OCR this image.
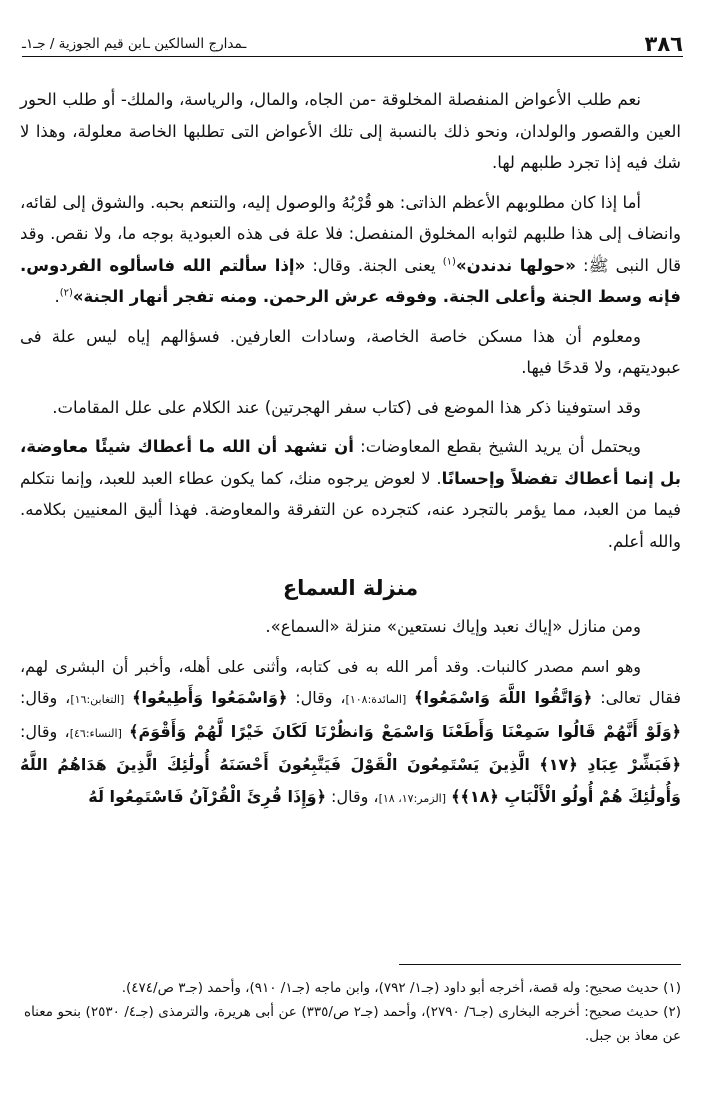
٣٨٦
ـمدارج السالكين ـابن قيم الجوزية / جـ١ـ

نعم طلب الأعواض المنفصلة المخلوقة -من الجاه، والمال، والرياسة، والملك- أو طلب الحور العين والقصور والولدان، ونحو ذلك بالنسبة إلى تلك الأعواض التى تطلبها الخاصة معلولة، وهذا لا شك فيه إذا تجرد طلبهم لها.

أما إذا كان مطلوبهم الأعظم الذاتى: هو قُرْبُهُ والوصول إليه، والتنعم بحبه. والشوق إلى لقائه، وانضاف إلى هذا طلبهم لثوابه المخلوق المنفصل: فلا علة فى هذه العبودية بوجه ما، ولا نقص. وقد قال النبى ﷺ: «حولها ندندن»$^{(١)}$ يعنى الجنة. وقال: «إذا سألتم الله فاسألوه الفردوس. فإنه وسط الجنة وأعلى الجنة. وفوقه عرش الرحمن. ومنه تفجر أنهار الجنة»$^{(٢)}$.

ومعلوم أن هذا مسكن خاصة الخاصة، وسادات العارفين. فسؤالهم إياه ليس علة فى عبوديتهم، ولا قدحًا فيها.

وقد استوفينا ذكر هذا الموضع فى (كتاب سفر الهجرتين) عند الكلام على علل المقامات.

ويحتمل أن يريد الشيخ بقطع المعاوضات: أن تشهد أن الله ما أعطاك شيئًا معاوضة، بل إنما أعطاك تفضلاً وإحسانًا. لا لعوض يرجوه منك، كما يكون عطاء العبد للعبد، وإنما نتكلم فيما من العبد، مما يؤمر بالتجرد عنه، كتجرده عن التفرقة والمعاوضة. فهذا أليق المعنيين بكلامه. والله أعلم.

منزلة السماع

ومن منازل «إياك نعبد وإياك نستعين» منزلة «السماع».

وهو اسم مصدر كالنبات. وقد أمر الله به فى كتابه، وأثنى على أهله، وأخبر أن البشرى لهم، فقال تعالى: ﴿وَاتَّقُوا اللَّهَ وَاسْمَعُوا﴾ [المائدة:١٠٨]، وقال: ﴿وَاسْمَعُوا وَأَطِيعُوا﴾ [التغابن:١٦]، وقال: ﴿وَلَوْ أَنَّهُمْ قَالُوا سَمِعْنَا وَأَطَعْنَا وَاسْمَعْ وَانظُرْنَا لَكَانَ خَيْرًا لَّهُمْ وَأَقْوَمَ﴾ [النساء:٤٦]، وقال: ﴿فَبَشِّرْ عِبَادِ ﴿١٧﴾ الَّذِينَ يَسْتَمِعُونَ الْقَوْلَ فَيَتَّبِعُونَ أَحْسَنَهُ أُولَٰئِكَ الَّذِينَ هَدَاهُمُ اللَّهُ وَأُولَٰئِكَ هُمْ أُولُو الْأَلْبَابِ ﴿١٨﴾﴾ [الزمر:١٧، ١٨]، وقال: ﴿وَإِذَا قُرِئَ الْقُرْآنُ فَاسْتَمِعُوا لَهُ

(١) حديث صحيح: وله قصة، أخرجه أبو داود (جـ١/ ٧٩٢)، وابن ماجه (جـ١/ ٩١٠)، وأحمد (جـ٣ ص/٤٧٤).

(٢) حديث صحيح: أخرجه البخارى (جـ٦/ ٢٧٩٠)، وأحمد (جـ٢ ص/٣٣٥) عن أبى هريرة، والترمذى (جـ٤/ ٢٥٣٠) بنحو معناه عن معاذ بن جبل.
